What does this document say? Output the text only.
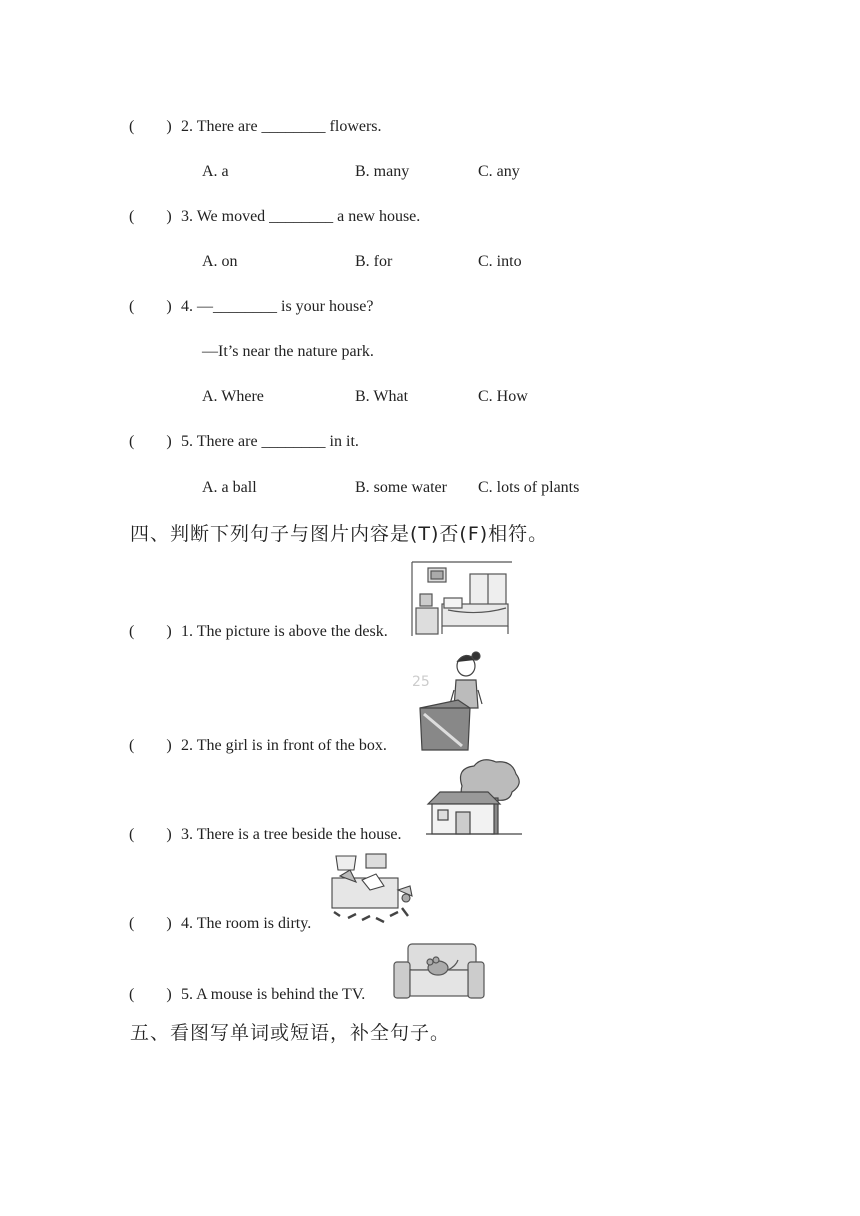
(        ) 2. There are ________ flowers.
A. a	B. many	C. any
(        ) 3. We moved ________ a new house.
A. on	B. for	C. into
(        ) 4. —________ is your house?
—It’s near the nature park.
A. Where	B. What	C. How
(        ) 5. There are ________ in it.
A. a ball	B. some water C. lots of plants
四、判断下列句子与图片内容是(T)否(F)相符。
(        ) 1. The picture is above the desk.
(        ) 2. The girl is in front of the box.
25
(        ) 3. There is a tree beside the house.
(        ) 4. The room is dirty.
(        ) 5. A mouse is behind the TV.
五、看图写单词或短语，补全句子。
